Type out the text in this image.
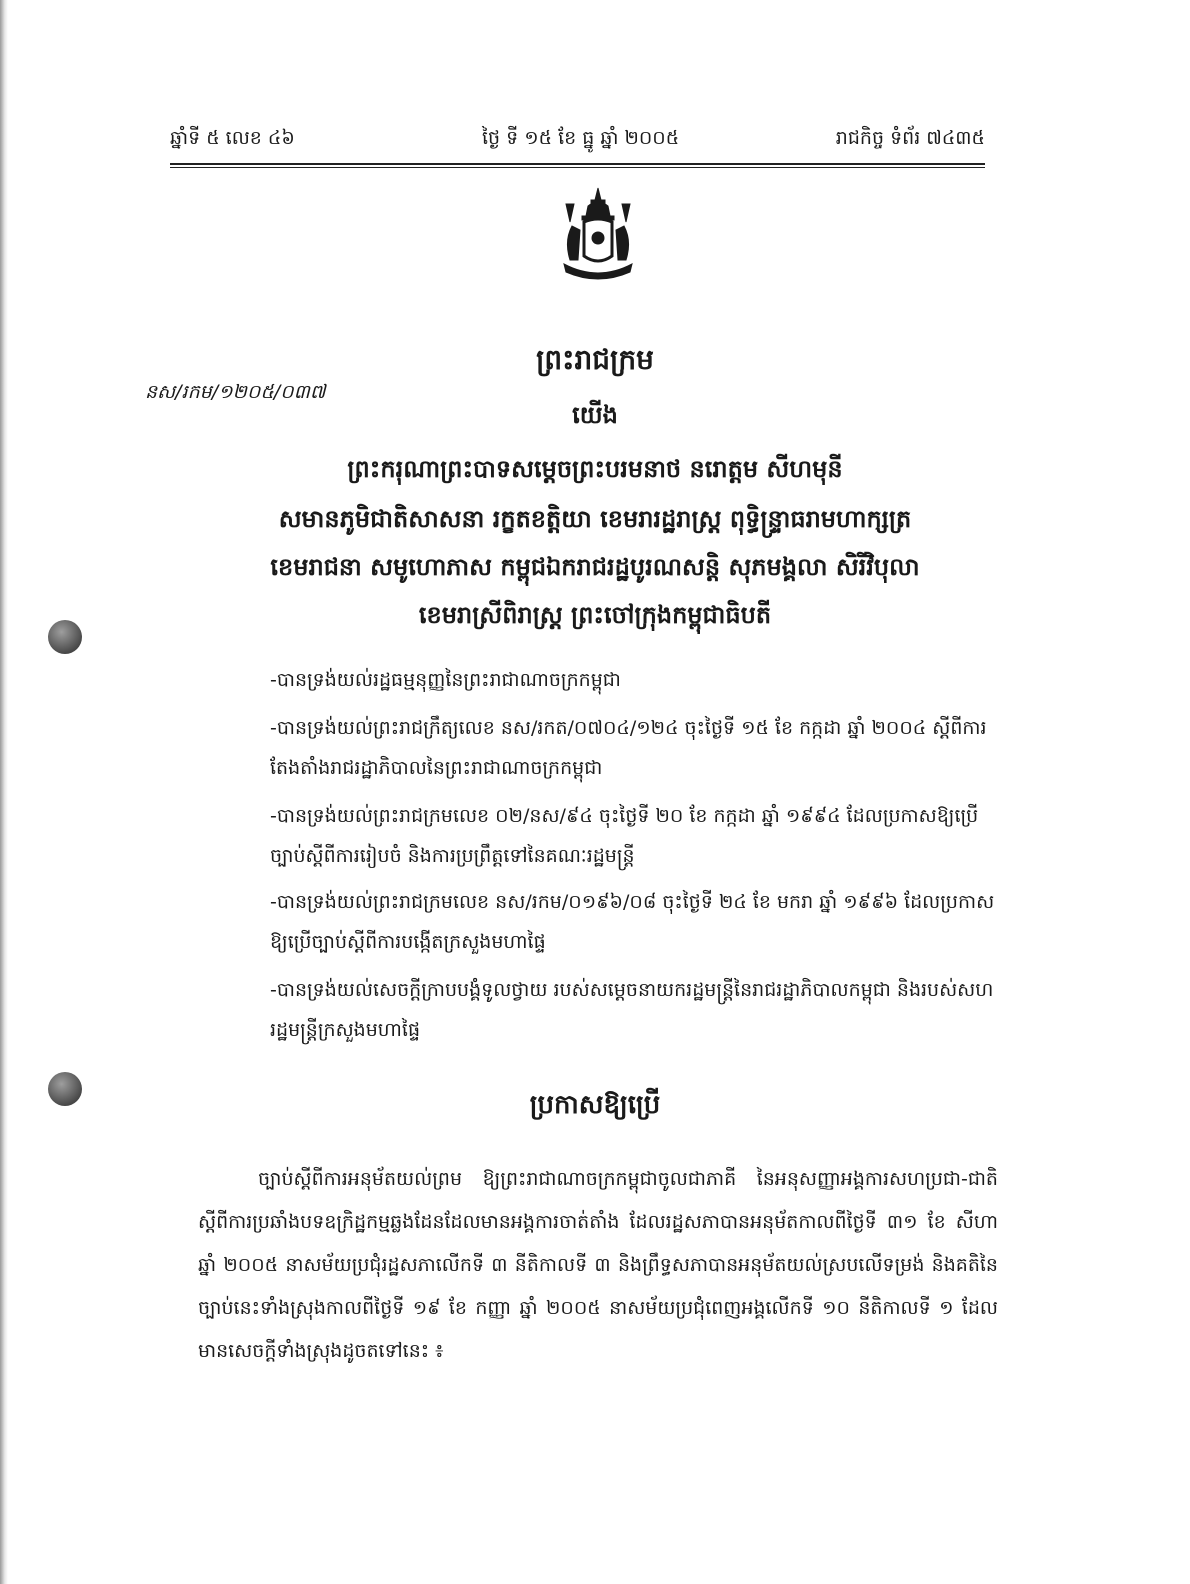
ឆ្នាំទី ៥ លេខ ៤៦	ថ្ងៃ ទី ១៥ ខែ ធ្នូ ឆ្នាំ ២០០៥	រាជកិច្ច ទំព័រ ៧៤៣៥
ព្រះរាជក្រម
នស/រកម/១២០៥/០៣៧
យើង
ព្រះករុណាព្រះបាទសម្តេចព្រះបរមនាថ នរោត្តម សីហមុនី
សមានភូមិជាតិសាសនា រក្ខតខត្តិយា ខេមរារដ្ឋរាស្ត្រ ពុទ្ធិន្ទ្រាធរាមហាក្សត្រ
ខេមរាជនា សមូហោភាស កម្ពុជឯករាជរដ្ឋបូរណសន្តិ សុភមង្គលា សិរីវិបុលា
ខេមរាស្រីពិរាស្ត្រ ព្រះចៅក្រុងកម្ពុជាធិបតី
-បានទ្រង់យល់រដ្ឋធម្មនុញ្ញនៃព្រះរាជាណាចក្រកម្ពុជា
-បានទ្រង់យល់ព្រះរាជក្រឹត្យលេខ នស/រកត/០៧០៤/១២៤ ចុះថ្ងៃទី ១៥ ខែ កក្កដា ឆ្នាំ ២០០៤ ស្តីពីការតែងតាំងរាជរដ្ឋាភិបាលនៃព្រះរាជាណាចក្រកម្ពុជា
-បានទ្រង់យល់ព្រះរាជក្រមលេខ ០២/នស/៩៤ ចុះថ្ងៃទី ២០ ខែ កក្កដា ឆ្នាំ ១៩៩៤ ដែលប្រកាសឱ្យប្រើច្បាប់ស្តីពីការរៀបចំ និងការប្រព្រឹត្តទៅនៃគណៈរដ្ឋមន្ត្រី
-បានទ្រង់យល់ព្រះរាជក្រមលេខ នស/រកម/០១៩៦/០៨ ចុះថ្ងៃទី ២៤ ខែ មករា ឆ្នាំ ១៩៩៦ ដែលប្រកាស ឱ្យប្រើច្បាប់ស្តីពីការបង្កើតក្រសួងមហាផ្ទៃ
-បានទ្រង់យល់សេចក្តីក្រាបបង្គំទូលថ្វាយ របស់សម្តេចនាយករដ្ឋមន្ត្រីនៃរាជរដ្ឋាភិបាលកម្ពុជា និងរបស់សហរដ្ឋមន្ត្រីក្រសួងមហាផ្ទៃ
ប្រកាសឱ្យប្រើ
ច្បាប់ស្តីពីការអនុម័តយល់ព្រម ឱ្យព្រះរាជាណាចក្រកម្ពុជាចូលជាភាគី នៃអនុសញ្ញាអង្គការសហប្រជា-ជាតិស្តីពីការប្រឆាំងបទឧក្រិដ្ឋកម្មឆ្លងដែនដែលមានអង្គការចាត់តាំង ដែលរដ្ឋសភាបានអនុម័តកាលពីថ្ងៃទី ៣១ ខែ សីហា ឆ្នាំ ២០០៥ នាសម័យប្រជុំរដ្ឋសភាលើកទី ៣ នីតិកាលទី ៣ និងព្រឹទ្ធសភាបានអនុម័តយល់ស្របលើទម្រង់ និងគតិនៃច្បាប់នេះទាំងស្រុងកាលពីថ្ងៃទី ១៩ ខែ កញ្ញា ឆ្នាំ ២០០៥ នាសម័យប្រជុំពេញអង្គលើកទី ១០ នីតិកាលទី ១ ដែលមានសេចក្តីទាំងស្រុងដូចតទៅនេះ ៖
